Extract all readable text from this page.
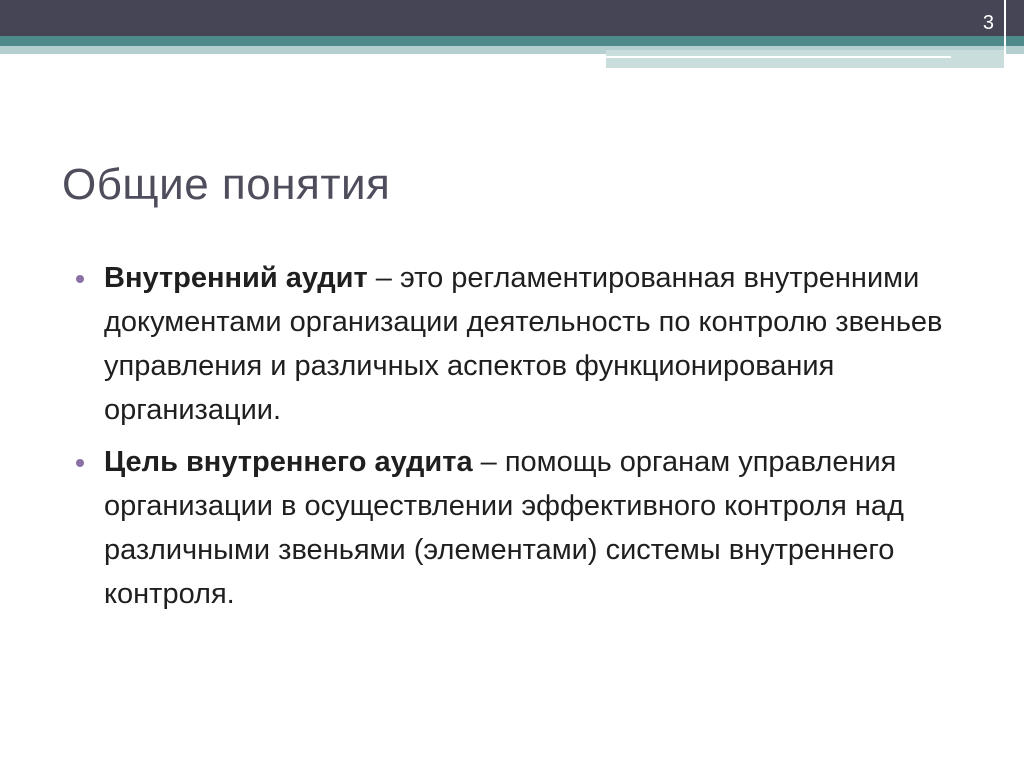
3
Общие понятия
Внутренний аудит – это регламентированная внутренними документами организации деятельность по контролю звеньев управления и различных аспектов функционирования организации.
Цель внутреннего аудита – помощь органам управления организации в осуществлении эффективного контроля над различными звеньями (элементами) системы внутреннего контроля.
